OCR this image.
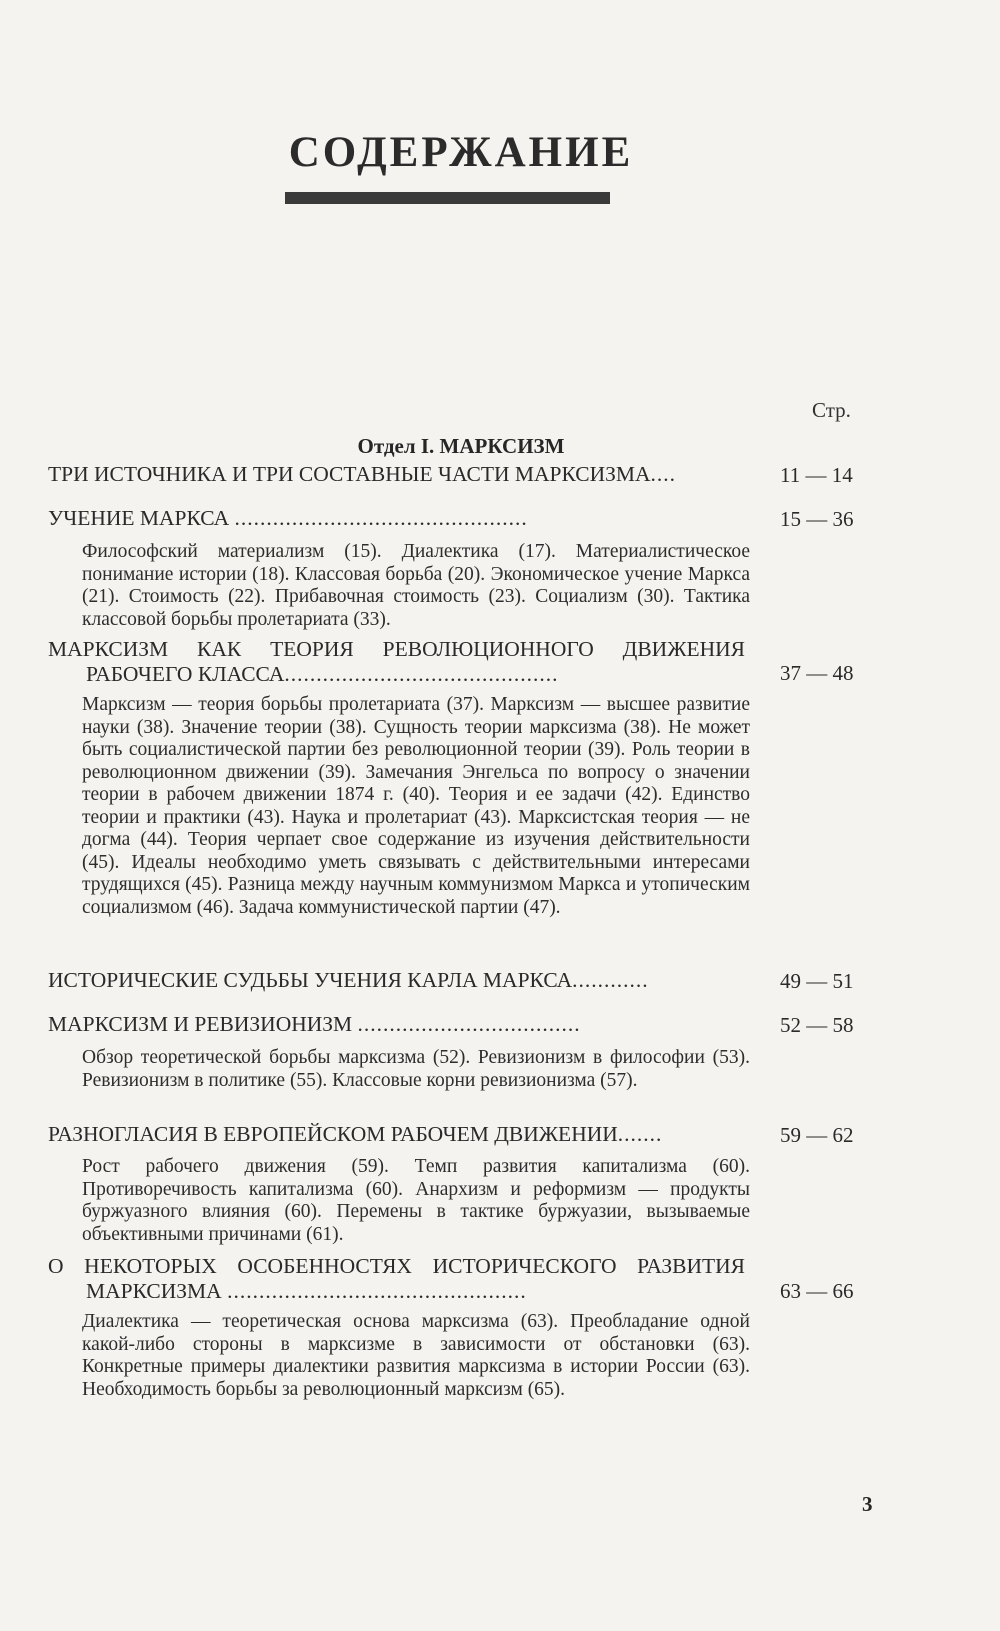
СОДЕРЖАНИЕ
Стр.
Отдел I. МАРКСИЗМ
ТРИ ИСТОЧНИКА И ТРИ СОСТАВНЫЕ ЧАСТИ МАРКСИЗМА....	11 — 14
УЧЕНИЕ МАРКСА ..............................................	15 — 36
Философский материализм (15). Диалектика (17). Материалистическое понимание истории (18). Классовая борьба (20). Экономическое учение Маркса (21). Стоимость (22). Прибавочная стоимость (23). Социализм (30). Тактика классовой борьбы пролетариата (33).
МАРКСИЗМ КАК ТЕОРИЯ РЕВОЛЮЦИОННОГО ДВИЖЕНИЯ
РАБОЧЕГО КЛАССА...........................................	37 — 48
Марксизм — теория борьбы пролетариата (37). Марксизм — высшее развитие науки (38). Значение теории (38). Сущность теории марксизма (38). Не может быть социалистической партии без революционной теории (39). Роль теории в революционном движении (39). Замечания Энгельса по вопросу о значении теории в рабочем движении 1874 г. (40). Теория и ее задачи (42). Единство теории и практики (43). Наука и пролетариат (43). Марксистская теория — не догма (44). Теория черпает свое содержание из изучения действительности (45). Идеалы необходимо уметь связывать с действительными интересами трудящихся (45). Разница между научным коммунизмом Маркса и утопическим социализмом (46). Задача коммунистической партии (47).
ИСТОРИЧЕСКИЕ СУДЬБЫ УЧЕНИЯ КАРЛА МАРКСА............	49 — 51
МАРКСИЗМ И РЕВИЗИОНИЗМ ...................................	52 — 58
Обзор теоретической борьбы марксизма (52). Ревизионизм в философии (53). Ревизионизм в политике (55). Классовые корни ревизионизма (57).
РАЗНОГЛАСИЯ В ЕВРОПЕЙСКОМ РАБОЧЕМ ДВИЖЕНИИ.......	59 — 62
Рост рабочего движения (59). Темп развития капитализма (60). Противоречивость капитализма (60). Анархизм и реформизм — продукты буржуазного влияния (60). Перемены в тактике буржуазии, вызываемые объективными причинами (61).
О НЕКОТОРЫХ ОСОБЕННОСТЯХ ИСТОРИЧЕСКОГО РАЗВИТИЯ
МАРКСИЗМА ...............................................	63 — 66
Диалектика — теоретическая основа марксизма (63). Преобладание одной какой-либо стороны в марксизме в зависимости от обстановки (63). Конкретные примеры диалектики развития марксизма в истории России (63). Необходимость борьбы за революционный марксизм (65).
3
